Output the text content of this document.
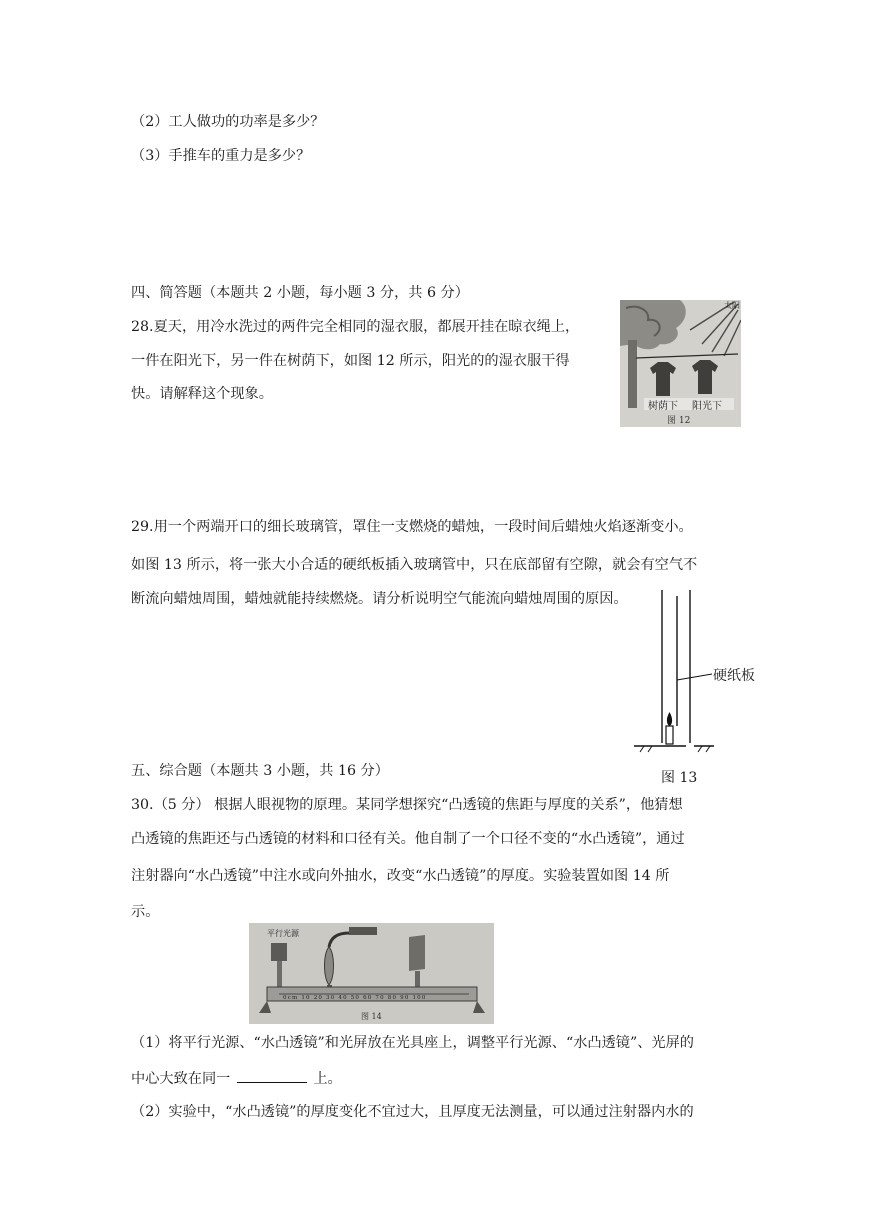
（2）工人做功的功率是多少？
（3）手推车的重力是多少？
四、简答题（本题共 2 小题，每小题 3 分，共 6 分）
28.夏天，用冷水洗过的两件完全相同的湿衣服，都展开挂在晾衣绳上，
一件在阳光下，另一件在树荫下，如图 12 所示，阳光的的湿衣服干得
快。请解释这个现象。
29.用一个两端开口的细长玻璃管，罩住一支燃烧的蜡烛，一段时间后蜡烛火焰逐渐变小。
如图 13 所示，将一张大小合适的硬纸板插入玻璃管中，只在底部留有空隙，就会有空气不
断流向蜡烛周围，蜡烛就能持续燃烧。请分析说明空气能流向蜡烛周围的原因。
五、综合题（本题共 3 小题，共 16 分）
30.（5 分） 根据人眼视物的原理。某同学想探究“凸透镜的焦距与厚度的关系”，他猜想
凸透镜的焦距还与凸透镜的材料和口径有关。他自制了一个口径不变的“水凸透镜”，通过
注射器向“水凸透镜”中注水或向外抽水，改变“水凸透镜”的厚度。实验装置如图 14 所
示。
（1）将平行光源、“水凸透镜”和光屏放在光具座上，调整平行光源、“水凸透镜”、光屏的
中心大致在同一	上。
（2）实验中，“水凸透镜”的厚度变化不宜过大，且厚度无法测量，可以通过注射器内水的
树荫下 阳光下
图 12
太阳
硬纸板
图 13
平行光源
0cm 10 20 30 40 50 60 70 80 90 100
图 14
